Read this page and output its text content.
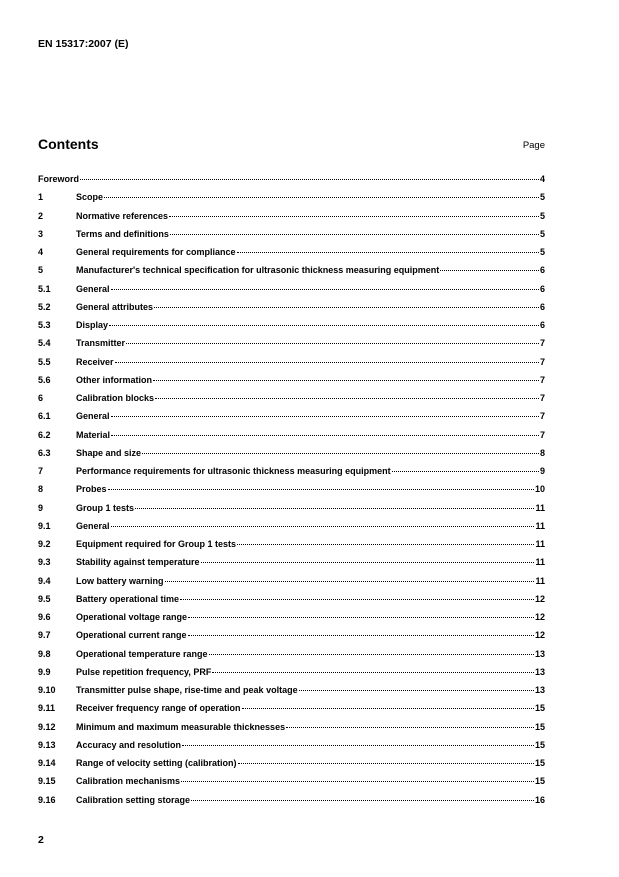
EN 15317:2007 (E)
Contents	Page
Foreword	4
1	Scope	5
2	Normative references	5
3	Terms and definitions	5
4	General requirements for compliance	5
5	Manufacturer's technical specification for ultrasonic thickness measuring equipment	6
5.1	General	6
5.2	General attributes	6
5.3	Display	6
5.4	Transmitter	7
5.5	Receiver	7
5.6	Other information	7
6	Calibration blocks	7
6.1	General	7
6.2	Material	7
6.3	Shape and size	8
7	Performance requirements for ultrasonic thickness measuring equipment	9
8	Probes	10
9	Group 1 tests	11
9.1	General	11
9.2	Equipment required for Group 1 tests	11
9.3	Stability against temperature	11
9.4	Low battery warning	11
9.5	Battery operational time	12
9.6	Operational voltage range	12
9.7	Operational current range	12
9.8	Operational temperature range	13
9.9	Pulse repetition frequency, PRF	13
9.10	Transmitter pulse shape, rise-time and peak voltage	13
9.11	Receiver frequency range of operation	15
9.12	Minimum and maximum measurable thicknesses	15
9.13	Accuracy and resolution	15
9.14	Range of velocity setting (calibration)	15
9.15	Calibration mechanisms	15
9.16	Calibration setting storage	16
2
